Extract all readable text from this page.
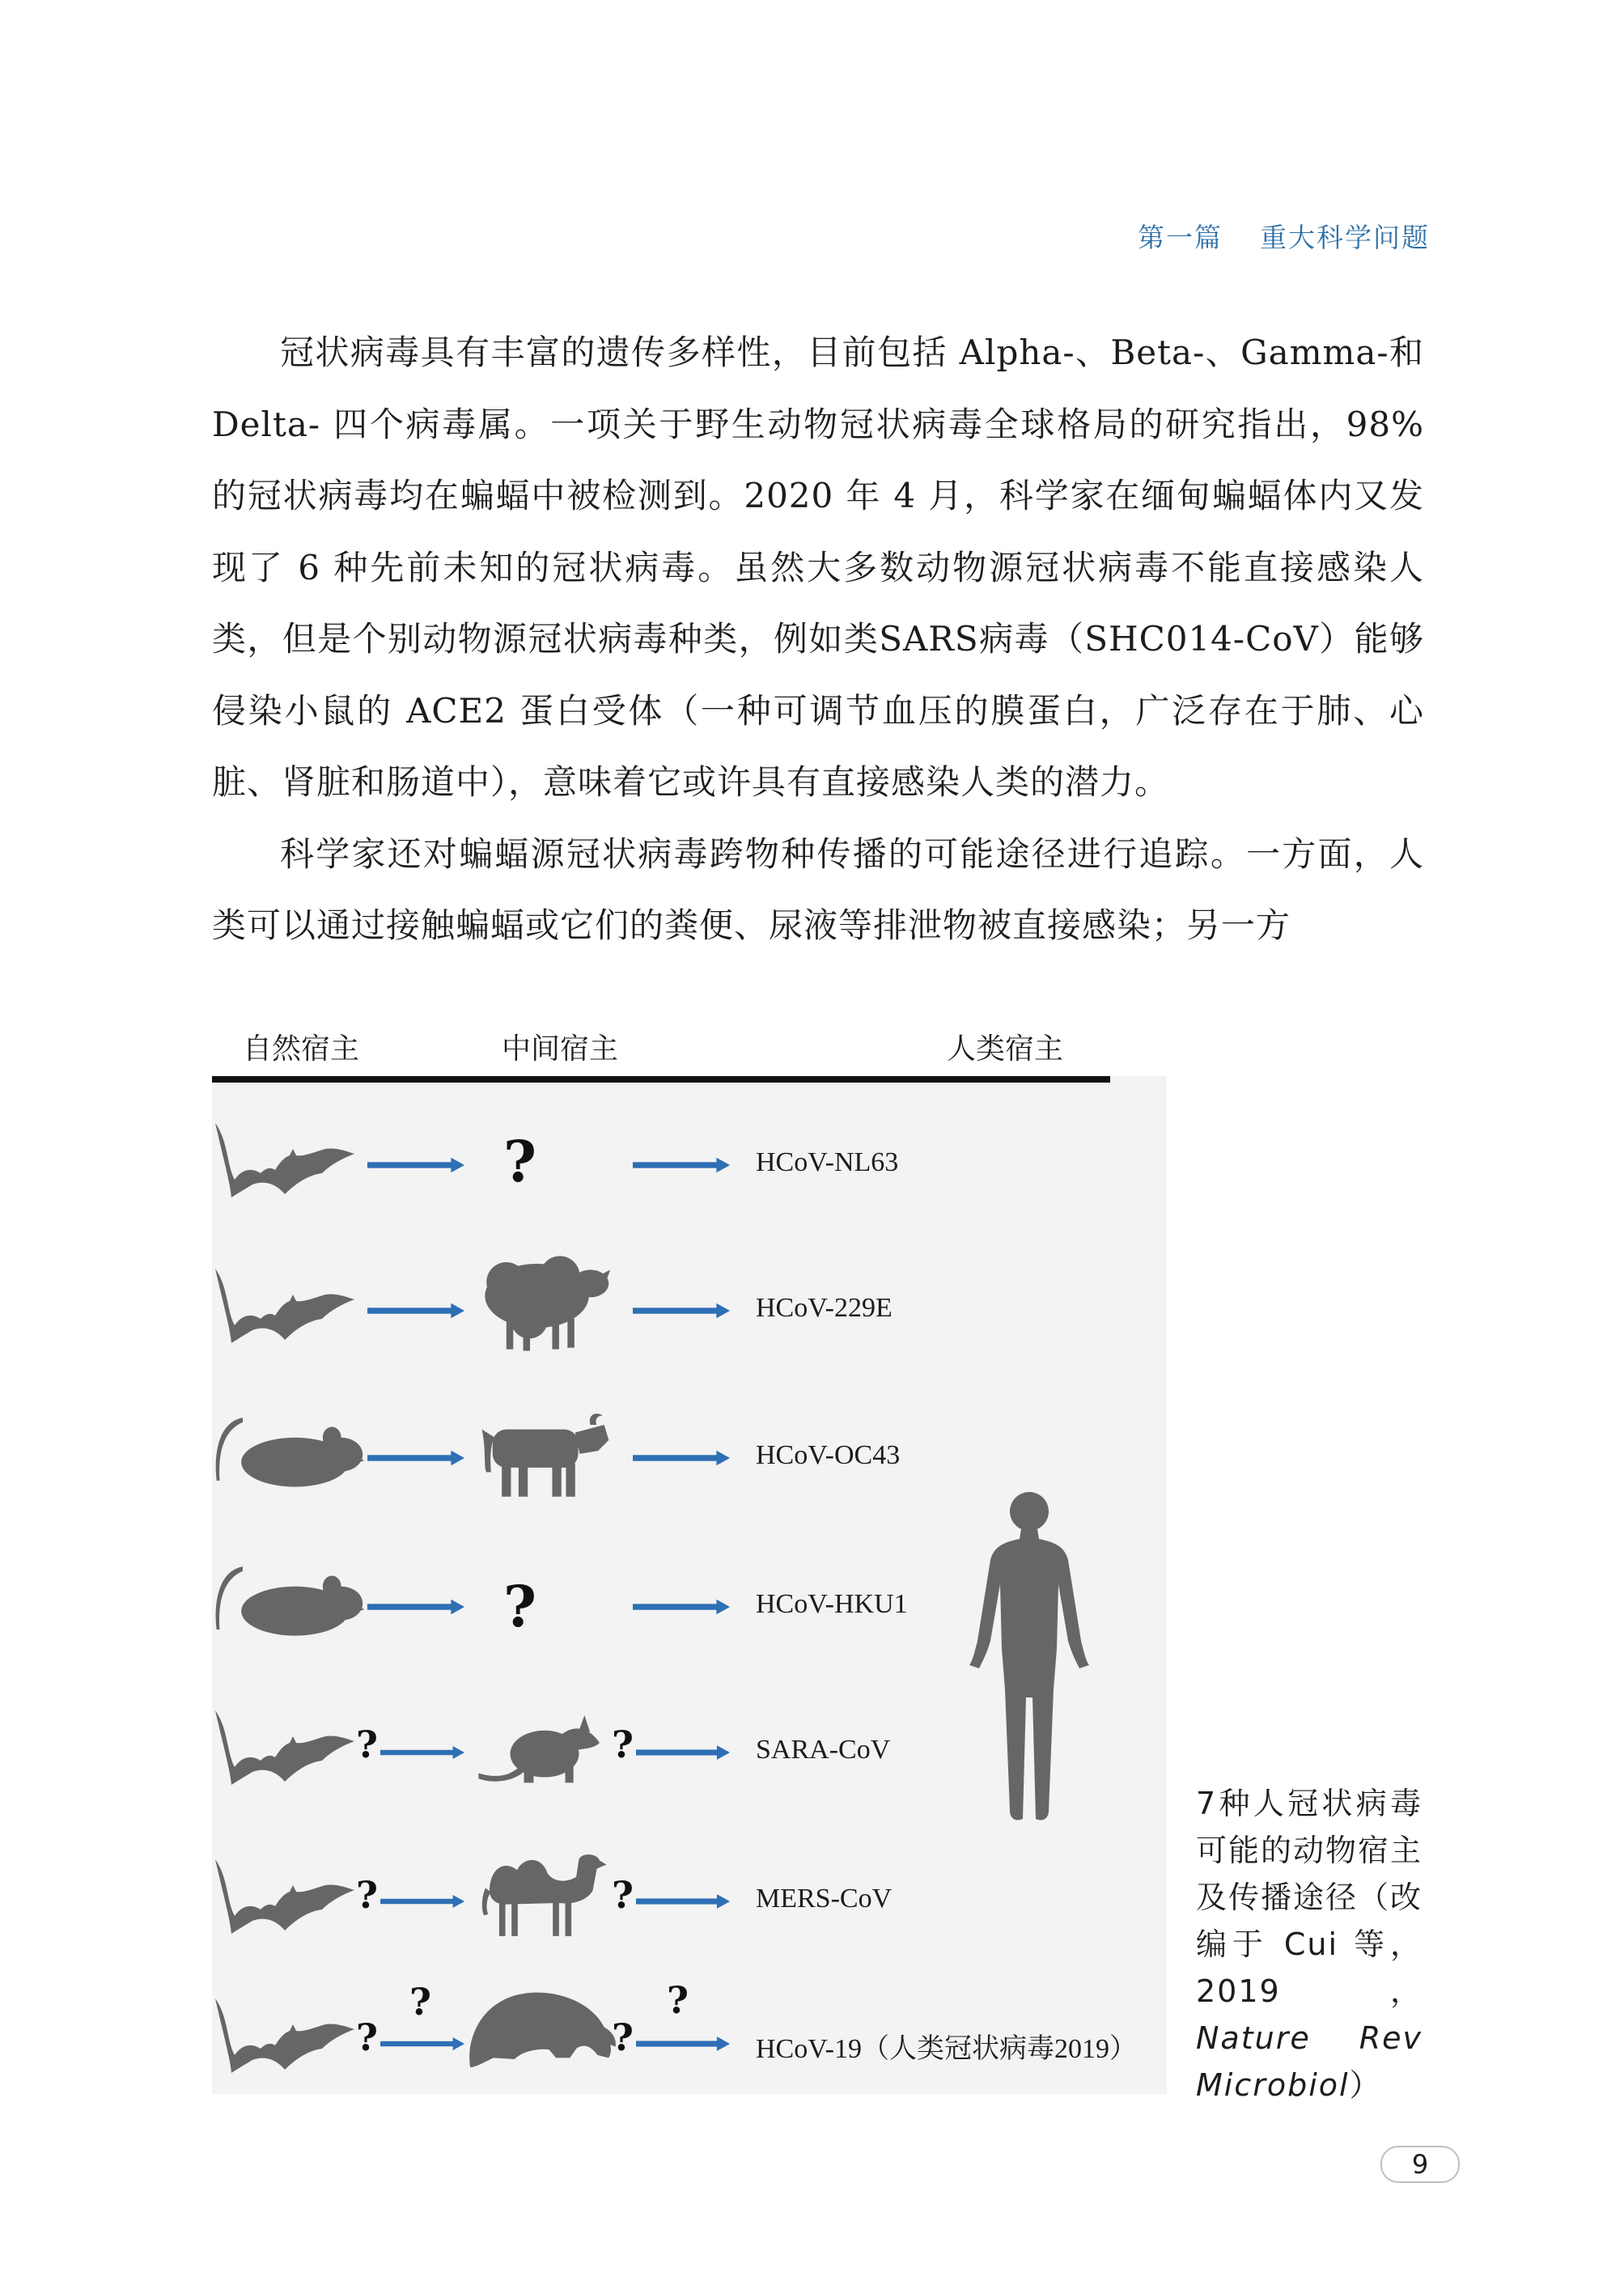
第一篇 重大科学问题

冠状病毒具有丰富的遗传多样性，目前包括 Alpha-、Beta-、Gamma-和 Delta- 四个病毒属。一项关于野生动物冠状病毒全球格局的研究指出，98% 的冠状病毒均在蝙蝠中被检测到。2020 年 4 月，科学家在缅甸蝙蝠体内又发现了 6 种先前未知的冠状病毒。虽然大多数动物源冠状病毒不能直接感染人类，但是个别动物源冠状病毒种类，例如类SARS病毒（SHC014-CoV）能够侵染小鼠的 ACE2 蛋白受体（一种可调节血压的膜蛋白，广泛存在于肺、心脏、肾脏和肠道中），意味着它或许具有直接感染人类的潜力。

科学家还对蝙蝠源冠状病毒跨物种传播的可能途径进行追踪。一方面，人类可以通过接触蝙蝠或它们的粪便、尿液等排泄物被直接感染；另一方

自然宿主	中间宿主	人类宿主
?	HCoV-NL63
HCoV-229E
HCoV-OC43
?	HCoV-HKU1
?	?	SARA-CoV
?	?	MERS-CoV
?
?
?
?
HCoV-19（人类冠状病毒2019）
7种人冠状病毒可能的动物宿主及传播途径（改编于 Cui 等，2019，Nature Rev Microbiol）
9
